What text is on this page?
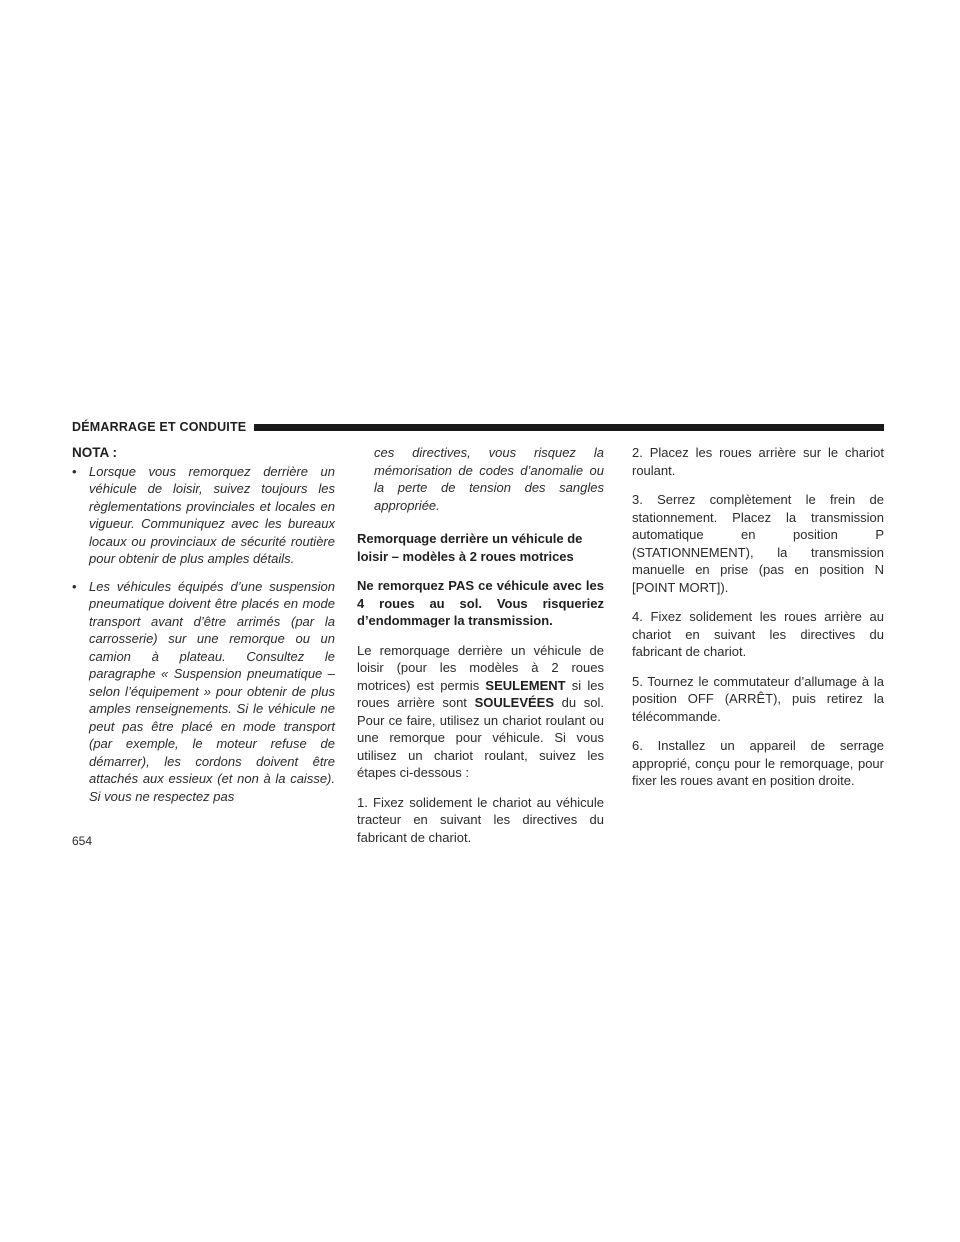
DÉMARRAGE ET CONDUITE

NOTA :

• Lorsque vous remorquez derrière un véhicule de loisir, suivez toujours les règlementations provinciales et locales en vigueur. Communiquez avec les bureaux locaux ou provinciaux de sécurité routière pour obtenir de plus amples détails.
• Les véhicules équipés d’une suspension pneumatique doivent être placés en mode transport avant d’être arrimés (par la carrosserie) sur une remorque ou un camion à plateau. Consultez le paragraphe « Suspension pneumatique – selon l’équipement » pour obtenir de plus amples renseignements. Si le véhicule ne peut pas être placé en mode transport (par exemple, le moteur refuse de démarrer), les cordons doivent être attachés aux essieux (et non à la caisse). Si vous ne respectez pas

ces directives, vous risquez la mémorisation de codes d’anomalie ou la perte de tension des sangles appropriée.

Remorquage derrière un véhicule de loisir – modèles à 2 roues motrices

Ne remorquez PAS ce véhicule avec les 4 roues au sol. Vous risqueriez d’endommager la transmission.

Le remorquage derrière un véhicule de loisir (pour les modèles à 2 roues motrices) est permis SEULEMENT si les roues arrière sont SOULEVÉES du sol. Pour ce faire, utilisez un chariot roulant ou une remorque pour véhicule. Si vous utilisez un chariot roulant, suivez les étapes ci-dessous :

1. Fixez solidement le chariot au véhicule tracteur en suivant les directives du fabricant de chariot.

2. Placez les roues arrière sur le chariot roulant.

3. Serrez complètement le frein de stationnement. Placez la transmission automatique en position P (STATIONNEMENT), la transmission manuelle en prise (pas en position N [POINT MORT]).

4. Fixez solidement les roues arrière au chariot en suivant les directives du fabricant de chariot.

5. Tournez le commutateur d’allumage à la position OFF (ARRÊT), puis retirez la télécommande.

6. Installez un appareil de serrage approprié, conçu pour le remorquage, pour fixer les roues avant en position droite.

654
